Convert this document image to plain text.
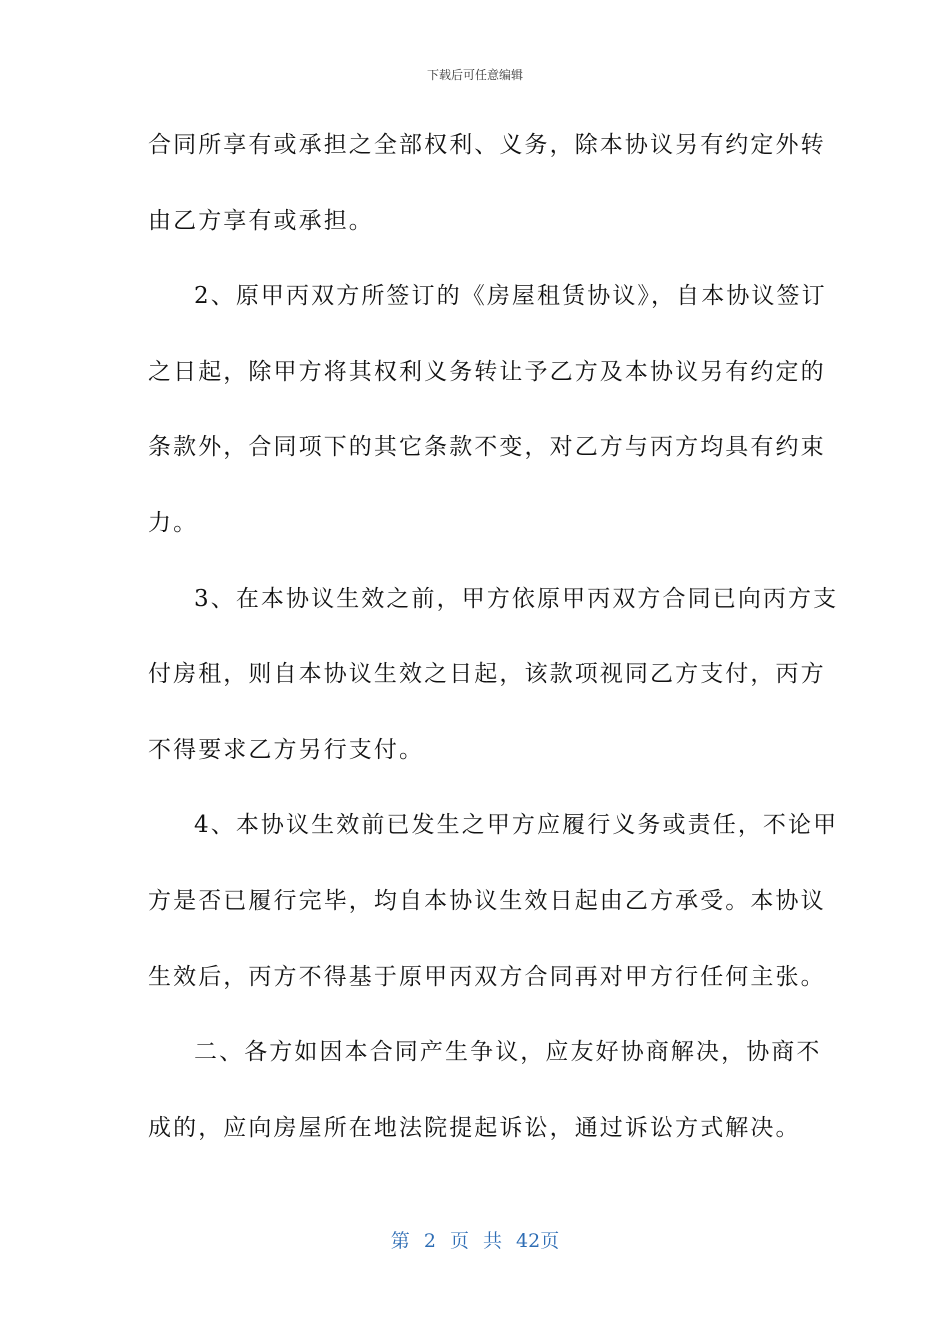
下载后可任意编辑
合同所享有或承担之全部权利、义务，除本协议另有约定外转
由乙方享有或承担。
2、原甲丙双方所签订的《房屋租赁协议》，自本协议签订
之日起，除甲方将其权利义务转让予乙方及本协议另有约定的
条款外，合同项下的其它条款不变，对乙方与丙方均具有约束
力。
3、在本协议生效之前，甲方依原甲丙双方合同已向丙方支
付房租，则自本协议生效之日起，该款项视同乙方支付，丙方
不得要求乙方另行支付。
4、本协议生效前已发生之甲方应履行义务或责任，不论甲
方是否已履行完毕，均自本协议生效日起由乙方承受。本协议
生效后，丙方不得基于原甲丙双方合同再对甲方行任何主张。
二、各方如因本合同产生争议，应友好协商解决，协商不
成的，应向房屋所在地法院提起诉讼，通过诉讼方式解决。
第 2 页 共 42页
